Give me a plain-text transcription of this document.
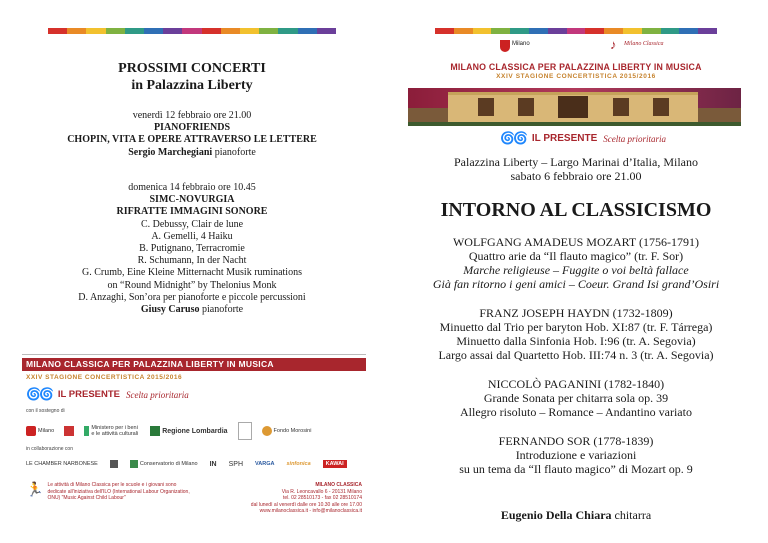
PROSSIMI CONCERTI
in Palazzina Liberty
venerdì 12 febbraio ore 21.00
PIANOFRIENDS
CHOPIN, VITA E OPERE ATTRAVERSO LE LETTERE
Sergio Marchegiani pianoforte
domenica 14 febbraio ore 10.45
SIMC-NOVURGIA
RIFRATTE IMMAGINI SONORE
C. Debussy, Clair de lune
A. Gemelli, 4 Haiku
B. Putignano, Terracromie
R. Schumann, In der Nacht
G. Crumb, Eine Kleine Mitternacht Musik ruminations
on “Round Midnight” by Thelonius Monk
D. Anzaghi, Son’ora per pianoforte e piccole percussioni
Giusy Caruso pianoforte
MILANO CLASSICA PER PALAZZINA LIBERTY IN MUSICA
XXIV STAGIONE CONCERTISTICA 2015/2016
🌀🌀 IL PRESENTE Scelta prioritaria
con il sostegno di
Milano	Ministero per i beni e le attività culturali	Regione Lombardia	Fondo Morosini
in collaborazione con
LE CHAMBER NARBONESE	Conservatorio di Milano IN SPH VARGA sinfonica	KAWAI
🏃 Le attività di Milano Classica per le scuole e i giovani sono dedicate all'iniziativa dell'ILO (International Labour Organization, ONU) "Music Against Child Labour"
MILANO CLASSICA
Via R. Leoncavallo 6 - 20131 Milano
tel. 02 28510173 - fax 02 28510174
dal lunedì al venerdì dalle ore 10.30 alle ore 17.00
www.milanoclassica.it - info@milanoclassica.it
Milano	♪	Milano Classica
MILANO CLASSICA PER PALAZZINA LIBERTY IN MUSICA
XXIV STAGIONE CONCERTISTICA 2015/2016
🌀🌀 IL PRESENTE Scelta prioritaria
Palazzina Liberty – Largo Marinai d’Italia, Milano
sabato 6 febbraio ore 21.00
INTORNO AL CLASSICISMO
WOLFGANG AMADEUS MOZART (1756-1791)
Quattro arie da “Il flauto magico” (tr. F. Sor)
Marche religieuse – Fuggite o voi beltà fallace
Già fan ritorno i geni amici – Coeur. Grand Isi grand’Osiri
FRANZ JOSEPH HAYDN (1732-1809)
Minuetto dal Trio per baryton Hob. XI:87 (tr. F. Tárrega)
Minuetto dalla Sinfonia Hob. I:96 (tr. A. Segovia)
Largo assai dal Quartetto Hob. III:74 n. 3 (tr. A. Segovia)
NICCOLÒ PAGANINI (1782-1840)
Grande Sonata per chitarra sola op. 39
Allegro risoluto – Romance – Andantino variato
FERNANDO SOR (1778-1839)
Introduzione e variazioni
su un tema da “Il flauto magico” di Mozart op. 9
Eugenio Della Chiara chitarra
